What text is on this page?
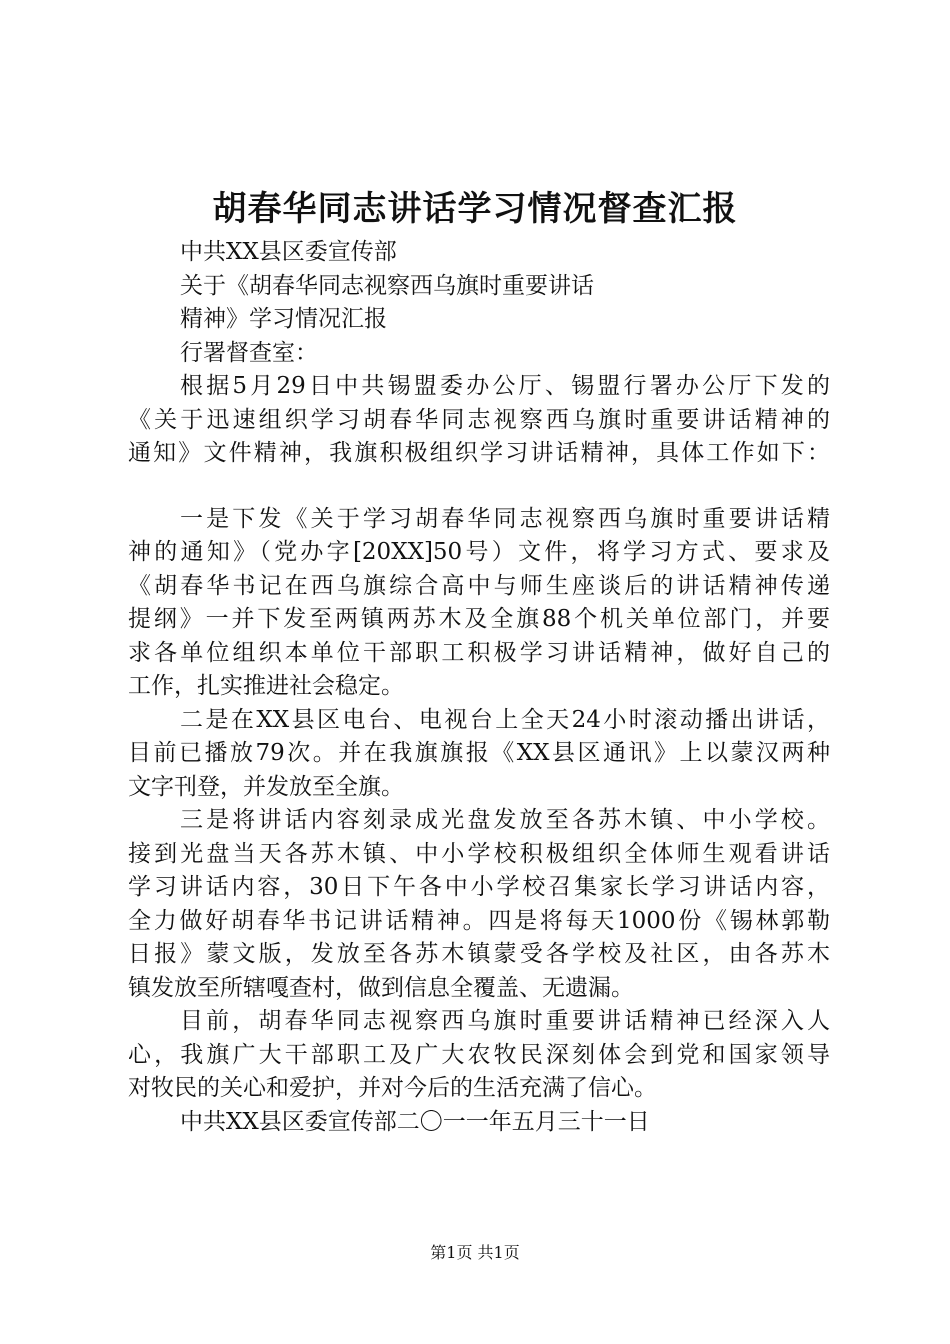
胡春华同志讲话学习情况督查汇报
中共XX县区委宣传部
关于《胡春华同志视察西乌旗时重要讲话
精神》学习情况汇报
行署督查室：
根据5月29日中共锡盟委办公厅、锡盟行署办公厅下发的
《关于迅速组织学习胡春华同志视察西乌旗时重要讲话精神的
通知》文件精神，我旗积极组织学习讲话精神，具体工作如下：
一是下发《关于学习胡春华同志视察西乌旗时重要讲话精
神的通知》（党办字[20XX]50号）文件，将学习方式、要求及
《胡春华书记在西乌旗综合高中与师生座谈后的讲话精神传递
提纲》一并下发至两镇两苏木及全旗88个机关单位部门，并要
求各单位组织本单位干部职工积极学习讲话精神，做好自己的
工作，扎实推进社会稳定。
二是在XX县区电台、电视台上全天24小时滚动播出讲话，
目前已播放79次。并在我旗旗报《XX县区通讯》上以蒙汉两种
文字刊登，并发放至全旗。
三是将讲话内容刻录成光盘发放至各苏木镇、中小学校。
接到光盘当天各苏木镇、中小学校积极组织全体师生观看讲话
学习讲话内容，30日下午各中小学校召集家长学习讲话内容，
全力做好胡春华书记讲话精神。四是将每天1000份《锡林郭勒
日报》蒙文版，发放至各苏木镇蒙受各学校及社区，由各苏木
镇发放至所辖嘎查村，做到信息全覆盖、无遗漏。
目前，胡春华同志视察西乌旗时重要讲话精神已经深入人
心，我旗广大干部职工及广大农牧民深刻体会到党和国家领导
对牧民的关心和爱护，并对今后的生活充满了信心。
中共XX县区委宣传部二〇一一年五月三十一日
第1页 共1页
